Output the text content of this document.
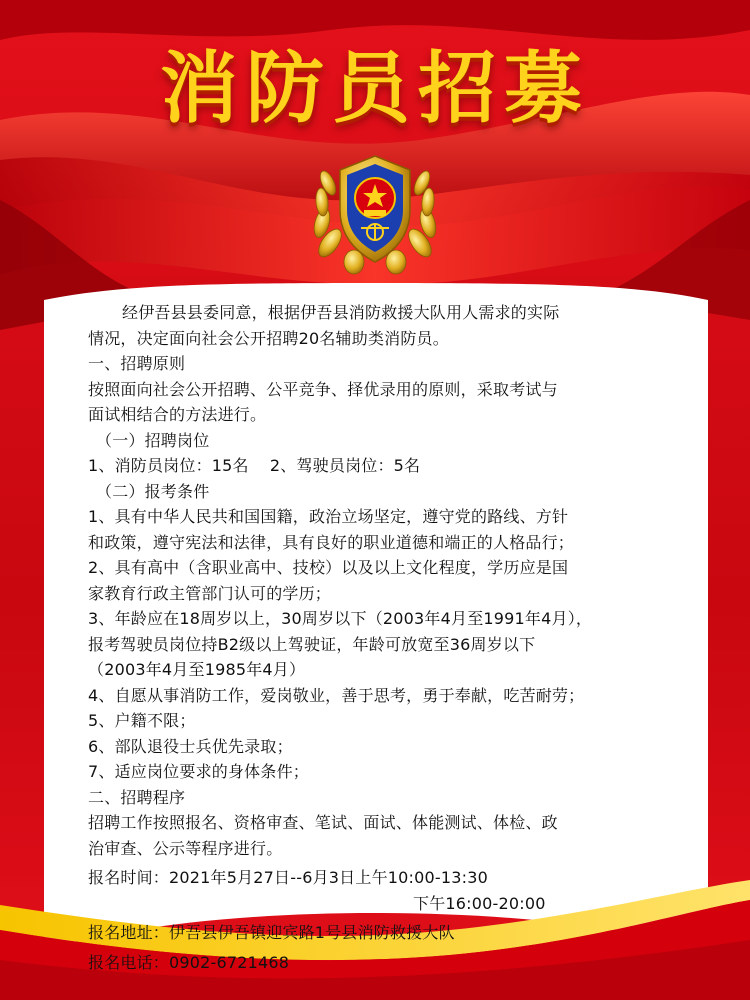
消防员招募

经伊吾县县委同意，根据伊吾县消防救援大队用人需求的实际

情况，决定面向社会公开招聘20名辅助类消防员。

一、招聘原则

按照面向社会公开招聘、公平竞争、择优录用的原则，采取考试与

面试相结合的方法进行。

（一）招聘岗位

1、消防员岗位：15名    2、驾驶员岗位：5名

（二）报考条件

1、具有中华人民共和国国籍，政治立场坚定，遵守党的路线、方针

和政策，遵守宪法和法律，具有良好的职业道德和端正的人格品行；

2、具有高中（含职业高中、技校）以及以上文化程度，学历应是国

家教育行政主管部门认可的学历；

3、年龄应在18周岁以上，30周岁以下（2003年4月至1991年4月），

报考驾驶员岗位持B2级以上驾驶证，年龄可放宽至36周岁以下

（2003年4月至1985年4月）

4、自愿从事消防工作，爱岗敬业，善于思考，勇于奉献，吃苦耐劳；

5、户籍不限；

6、部队退役士兵优先录取；

7、适应岗位要求的身体条件；

二、招聘程序

招聘工作按照报名、资格审查、笔试、面试、体能测试、体检、政

治审查、公示等程序进行。

报名时间：2021年5月27日--6月3日上午10:00-13:30

下午16:00-20:00

报名地址：伊吾县伊吾镇迎宾路1号县消防救援大队

报名电话：0902-6721468
